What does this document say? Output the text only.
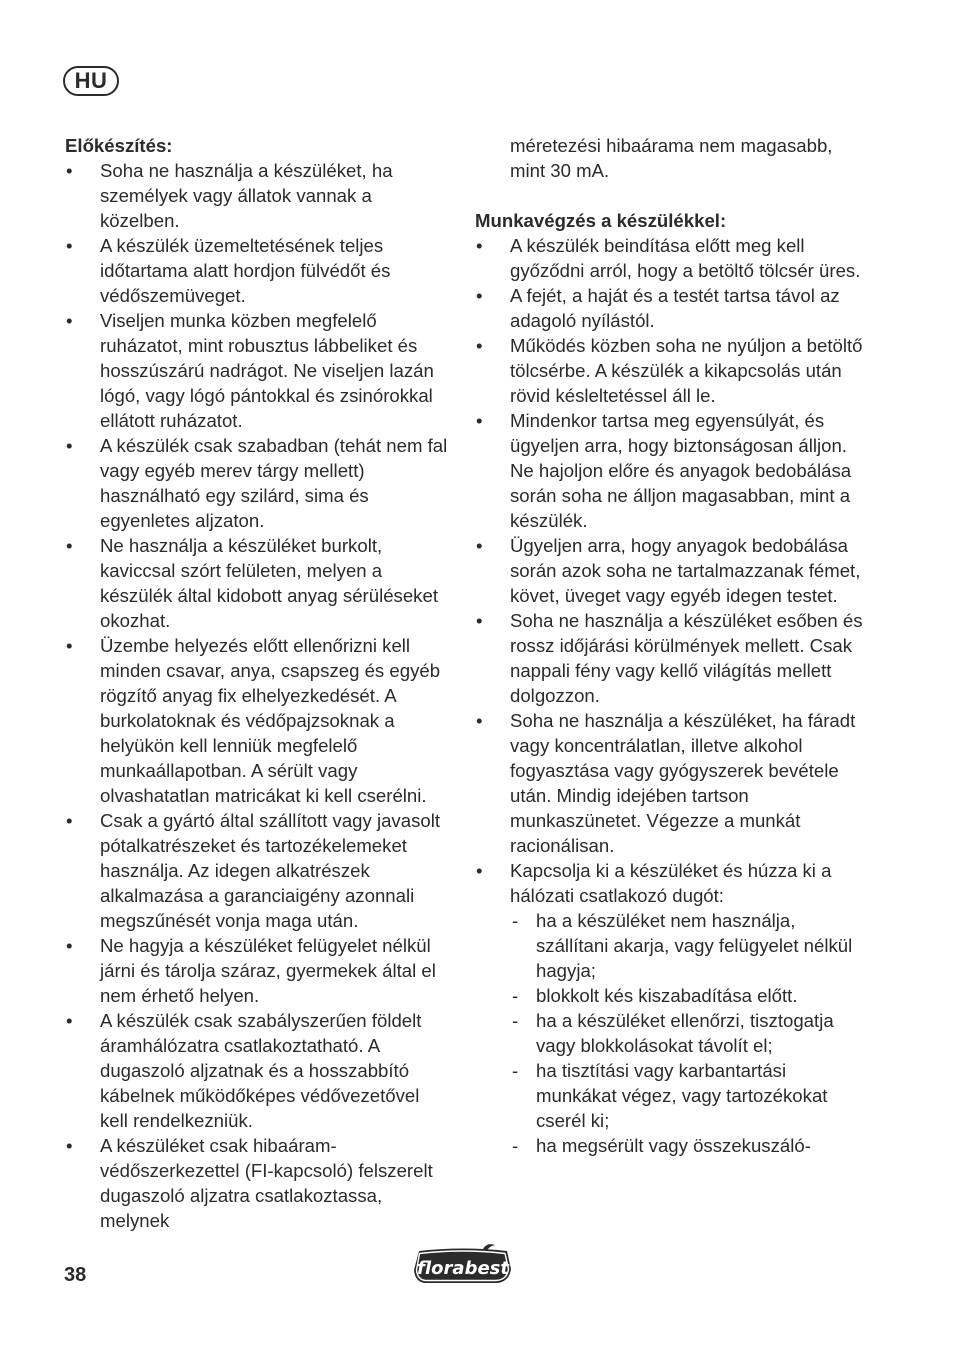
HU
Előkészítés:
• Soha ne használja a készüléket, ha személyek vagy állatok vannak a közelben.
• A készülék üzemeltetésének teljes időtartama alatt hordjon fülvédőt és védőszemüveget.
• Viseljen munka közben megfelelő ruházatot, mint robusztus lábbeliket és hosszúszárú nadrágot. Ne viseljen lazán lógó, vagy lógó pántokkal és zsinórokkal ellátott ruházatot.
• A készülék csak szabadban (tehát nem fal vagy egyéb merev tárgy mellett) használható egy szilárd, sima és egyenletes aljzaton.
• Ne használja a készüléket burkolt, kaviccsal szórt felületen, melyen a készülék által kidobott anyag sérüléseket okozhat.
• Üzembe helyezés előtt ellenőrizni kell minden csavar, anya, csapszeg és egyéb rögzítő anyag fix elhelyezkedését. A burkolatoknak és védőpajzsoknak a helyükön kell lenniük megfelelő munkaállapotban. A sérült vagy olvashatatlan matricákat ki kell cserélni.
• Csak a gyártó által szállított vagy javasolt pótalkatrészeket és tartozékelemeket használja. Az idegen alkatrészek alkalmazása a garanciaigény azonnali megszűnését vonja maga után.
• Ne hagyja a készüléket felügyelet nélkül járni és tárolja száraz, gyermekek által el nem érhető helyen.
• A készülék csak szabályszerűen földelt áramhálózatra csatlakoztatható. A dugaszoló aljzatnak és a hosszabbító kábelnek működőképes védővezetővel kell rendelkezniük.
• A készüléket csak hibaáram-védőszerkezettel (FI-kapcsoló) felszerelt dugaszoló aljzatra csatlakoztassa, melynek
méretezési hibaárama nem magasabb, mint 30 mA.
Munkavégzés a készülékkel:
• A készülék beindítása előtt meg kell győződni arról, hogy a betöltő tölcsér üres.
• A fejét, a haját és a testét tartsa távol az adagoló nyílástól.
• Működés közben soha ne nyúljon a betöltő tölcsérbe. A készülék a kikapcsolás után rövid késleltetéssel áll le.
• Mindenkor tartsa meg egyensúlyát, és ügyeljen arra, hogy biztonságosan álljon. Ne hajoljon előre és anyagok bedobálása során soha ne álljon magasabban, mint a készülék.
• Ügyeljen arra, hogy anyagok bedobálása során azok soha ne tartalmazzanak fémet, követ, üveget vagy egyéb idegen testet.
• Soha ne használja a készüléket esőben és rossz időjárási körülmények mellett. Csak nappali fény vagy kellő világítás mellett dolgozzon.
• Soha ne használja a készüléket, ha fáradt vagy koncentrálatlan, illetve alkohol fogyasztása vagy gyógyszerek bevétele után. Mindig idejében tartson munkaszünetet. Végezze a munkát racionálisan.
• Kapcsolja ki a készüléket és húzza ki a hálózati csatlakozó dugót:
- ha a készüléket nem használja, szállítani akarja, vagy felügyelet nélkül hagyja;
- blokkolt kés kiszabadítása előtt.
- ha a készüléket ellenőrzi, tisztogatja vagy blokkolásokat távolít el;
- ha tisztítási vagy karbantartási munkákat végez, vagy tartozékokat cserél ki;
- ha megsérült vagy összekuszáló-
38	florabest
